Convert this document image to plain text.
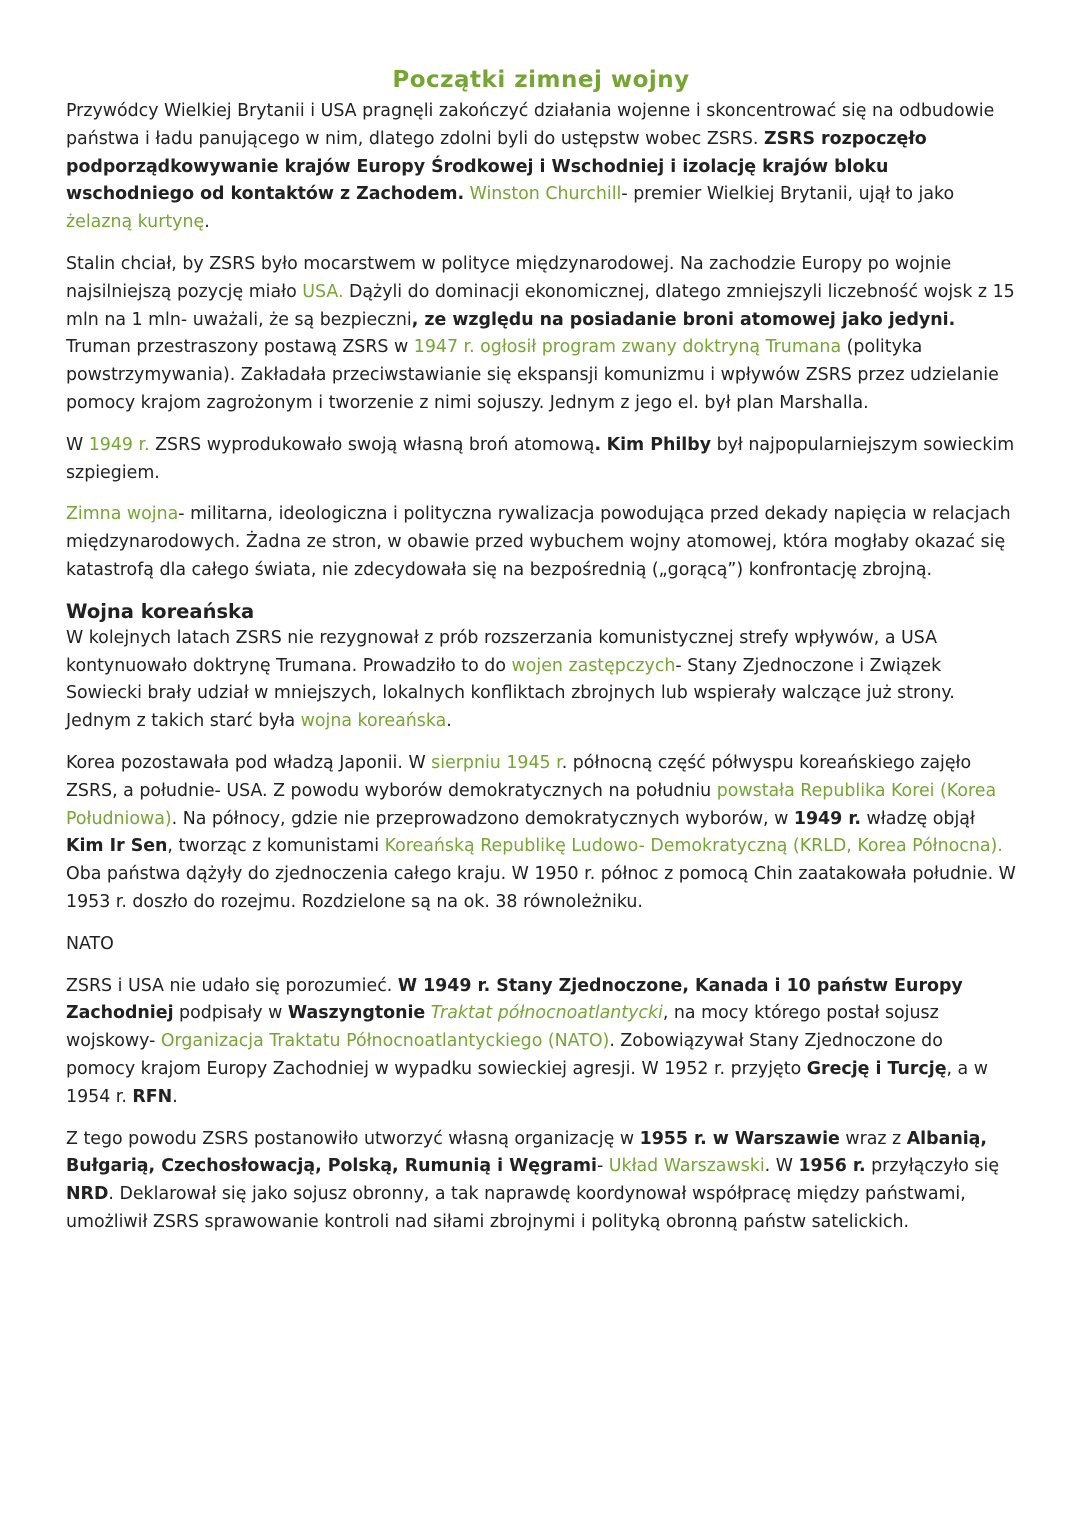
Początki zimnej wojny

Przywódcy Wielkiej Brytanii i USA pragnęli zakończyć działania wojenne i skoncentrować się na odbudowie państwa i ładu panującego w nim, dlatego zdolni byli do ustępstw wobec ZSRS. ZSRS rozpoczęło podporządkowywanie krajów Europy Środkowej i Wschodniej i izolację krajów bloku wschodniego od kontaktów z Zachodem. Winston Churchill- premier Wielkiej Brytanii, ujął to jako żelazną kurtynę.

Stalin chciał, by ZSRS było mocarstwem w polityce międzynarodowej. Na zachodzie Europy po wojnie najsilniejszą pozycję miało USA. Dążyli do dominacji ekonomicznej, dlatego zmniejszyli liczebność wojsk z 15 mln na 1 mln- uważali, że są bezpieczni, ze względu na posiadanie broni atomowej jako jedyni. Truman przestraszony postawą ZSRS w 1947 r. ogłosił program zwany doktryną Trumana (polityka powstrzymywania). Zakładała przeciwstawianie się ekspansji komunizmu i wpływów ZSRS przez udzielanie pomocy krajom zagrożonym i tworzenie z nimi sojuszy. Jednym z jego el. był plan Marshalla.

W 1949 r. ZSRS wyprodukowało swoją własną broń atomową. Kim Philby był najpopularniejszym sowieckim szpiegiem.

Zimna wojna- militarna, ideologiczna i polityczna rywalizacja powodująca przed dekady napięcia w relacjach międzynarodowych. Żadna ze stron, w obawie przed wybuchem wojny atomowej, która mogłaby okazać się katastrofą dla całego świata, nie zdecydowała się na bezpośrednią („gorącą”) konfrontację zbrojną.

Wojna koreańska

W kolejnych latach ZSRS nie rezygnował z prób rozszerzania komunistycznej strefy wpływów, a USA kontynuowało doktrynę Trumana. Prowadziło to do wojen zastępczych- Stany Zjednoczone i Związek Sowiecki brały udział w mniejszych, lokalnych konfliktach zbrojnych lub wspierały walczące już strony. Jednym z takich starć była wojna koreańska.

Korea pozostawała pod władzą Japonii. W sierpniu 1945 r. północną część półwyspu koreańskiego zajęło ZSRS, a południe- USA. Z powodu wyborów demokratycznych na południu powstała Republika Korei (Korea Południowa). Na północy, gdzie nie przeprowadzono demokratycznych wyborów, w 1949 r. władzę objął Kim Ir Sen, tworząc z komunistami Koreańską Republikę Ludowo- Demokratyczną (KRLD, Korea Północna). Oba państwa dążyły do zjednoczenia całego kraju. W 1950 r. północ z pomocą Chin zaatakowała południe. W 1953 r. doszło do rozejmu. Rozdzielone są na ok. 38 równoleżniku.

NATO

ZSRS i USA nie udało się porozumieć. W 1949 r. Stany Zjednoczone, Kanada i 10 państw Europy Zachodniej podpisały w Waszyngtonie Traktat północnoatlantycki, na mocy którego postał sojusz wojskowy- Organizacja Traktatu Północnoatlantyckiego (NATO). Zobowiązywał Stany Zjednoczone do pomocy krajom Europy Zachodniej w wypadku sowieckiej agresji. W 1952 r. przyjęto Grecję i Turcję, a w 1954 r. RFN.

Z tego powodu ZSRS postanowiło utworzyć własną organizację w 1955 r. w Warszawie wraz z Albanią, Bułgarią, Czechosłowacją, Polską, Rumunią i Węgrami- Układ Warszawski. W 1956 r. przyłączyło się NRD. Deklarował się jako sojusz obronny, a tak naprawdę koordynował współpracę między państwami, umożliwił ZSRS sprawowanie kontroli nad siłami zbrojnymi i polityką obronną państw satelickich.
